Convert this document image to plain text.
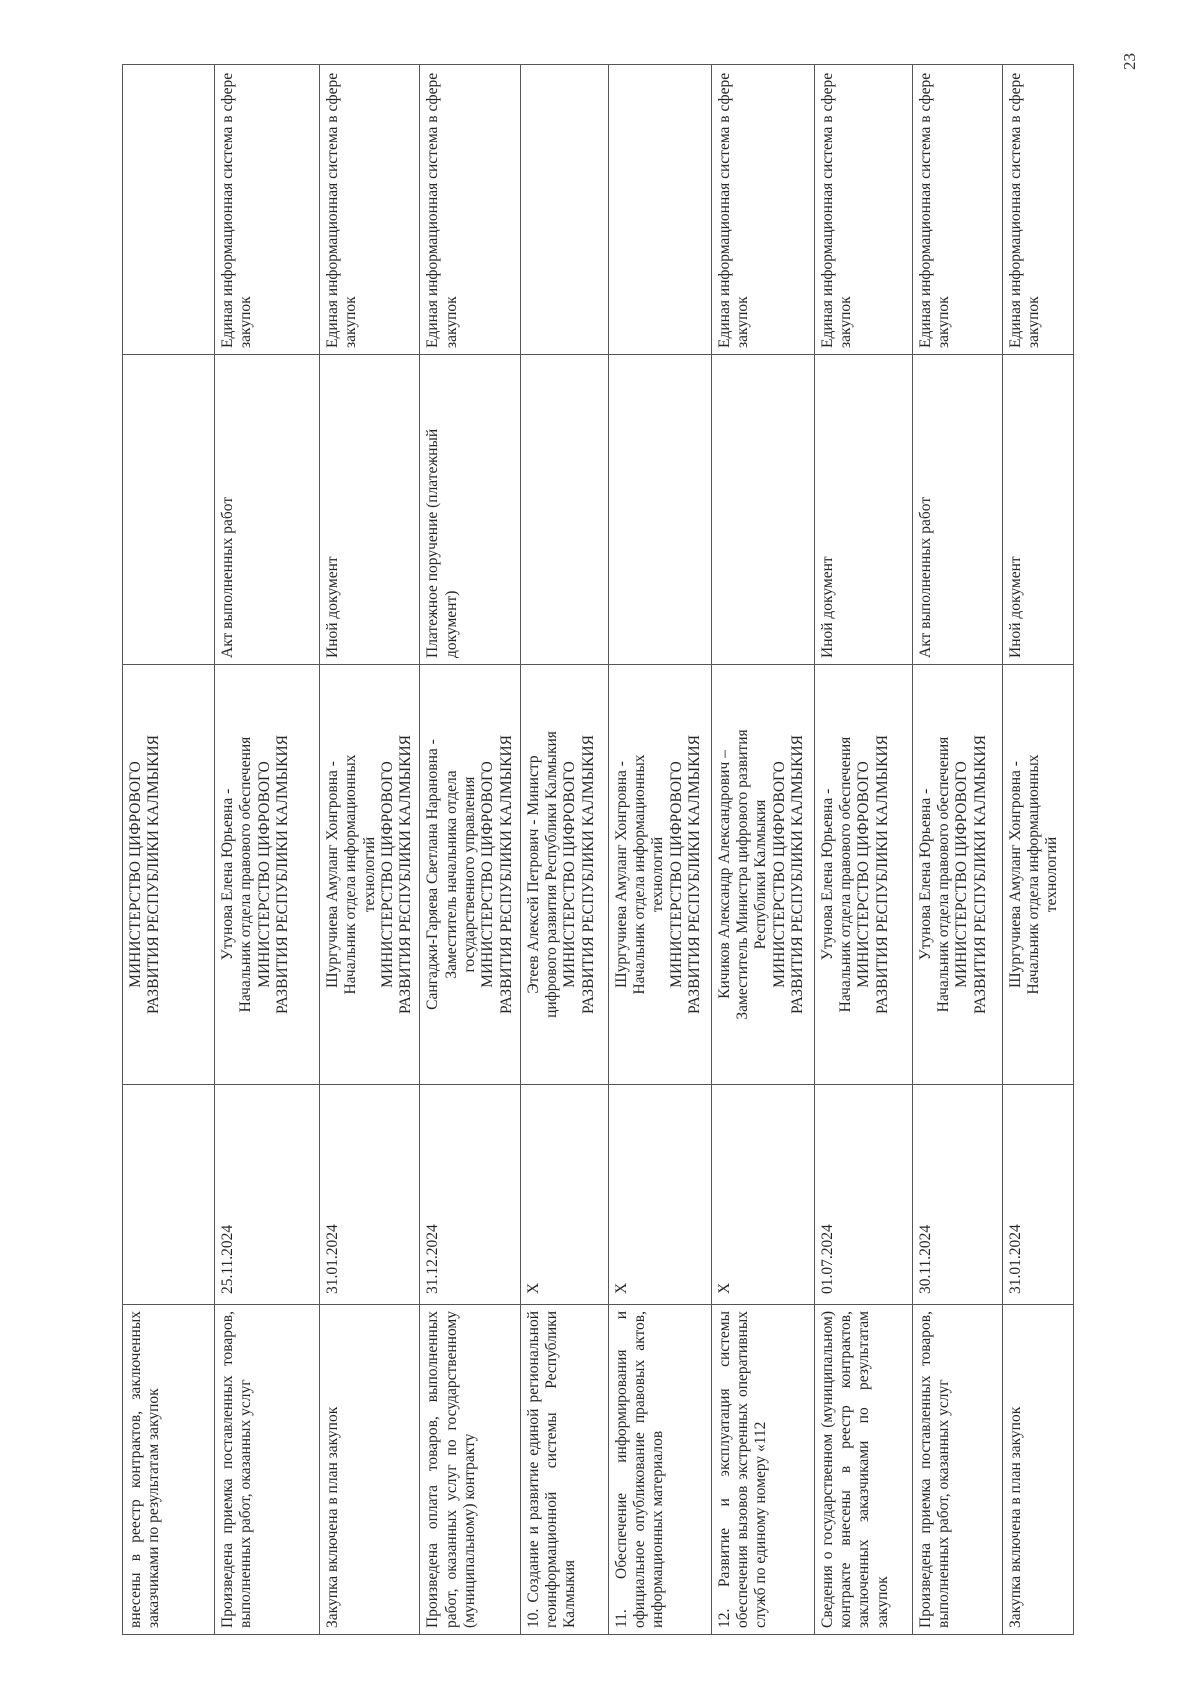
23
внесены в реестр контрактов, заключенных заказчиками по результатам закупок		МИНИСТЕРСТВО ЦИФРОВОГО РАЗВИТИЯ РЕСПУБЛИКИ КАЛМЫКИЯ		

Произведена приемка поставленных товаров, выполненных работ, оказанных услуг	25.11.2024	Утунова Елена Юрьевна - Начальник отдела правового обеспечения МИНИСТЕРСТВО ЦИФРОВОГО РАЗВИТИЯ РЕСПУБЛИКИ КАЛМЫКИЯ	Акт выполненных работ	Единая информационная система в сфере закупок
Закупка включена в план закупок	31.01.2024	Шургучиева Амуланг Хонгровна - Начальник отдела информационных технологий МИНИСТЕРСТВО ЦИФРОВОГО РАЗВИТИЯ РЕСПУБЛИКИ КАЛМЫКИЯ	Иной документ	Единая информационная система в сфере закупок
Произведена оплата товаров, выполненных работ, оказанных услуг по государственному (муниципальному) контракту	31.12.2024	Сангаджи-Гаряева Светлана Нарановна - Заместитель начальника отдела государственного управления МИНИСТЕРСТВО ЦИФРОВОГО РАЗВИТИЯ РЕСПУБЛИКИ КАЛМЫКИЯ	Платежное поручение (платежный документ)	Единая информационная система в сфере закупок
10. Создание и развитие единой региональной геоинформационной системы Республики Калмыкия	X	Этеев Алексей Петрович - Министр цифрового развития Республики Калмыкия МИНИСТЕРСТВО ЦИФРОВОГО РАЗВИТИЯ РЕСПУБЛИКИ КАЛМЫКИЯ		

11. Обеспечение информирования и официальное опубликование правовых актов, информационных материалов	X	Шургучиева Амуланг Хонгровна - Начальник отдела информационных технологий МИНИСТЕРСТВО ЦИФРОВОГО РАЗВИТИЯ РЕСПУБЛИКИ КАЛМЫКИЯ		

12. Развитие и эксплуатация системы обеспечения вызовов экстренных оперативных служб по единому номеру «112	X	Кичиков Александр Александрович – Заместитель Министра цифрового развития Республики Калмыкия МИНИСТЕРСТВО ЦИФРОВОГО РАЗВИТИЯ РЕСПУБЛИКИ КАЛМЫКИЯ		Единая информационная система в сфере закупок
Сведения о государственном (муниципальном) контракте внесены в реестр контрактов, заключенных заказчиками по результатам закупок	01.07.2024	Утунова Елена Юрьевна - Начальник отдела правового обеспечения МИНИСТЕРСТВО ЦИФРОВОГО РАЗВИТИЯ РЕСПУБЛИКИ КАЛМЫКИЯ	Иной документ	Единая информационная система в сфере закупок
Произведена приемка поставленных товаров, выполненных работ, оказанных услуг	30.11.2024	Утунова Елена Юрьевна - Начальник отдела правового обеспечения МИНИСТЕРСТВО ЦИФРОВОГО РАЗВИТИЯ РЕСПУБЛИКИ КАЛМЫКИЯ	Акт выполненных работ	Единая информационная система в сфере закупок
Закупка включена в план закупок	31.01.2024	Шургучиева Амуланг Хонгровна - Начальник отдела информационных технологий	Иной документ	Единая информационная система в сфере закупок
